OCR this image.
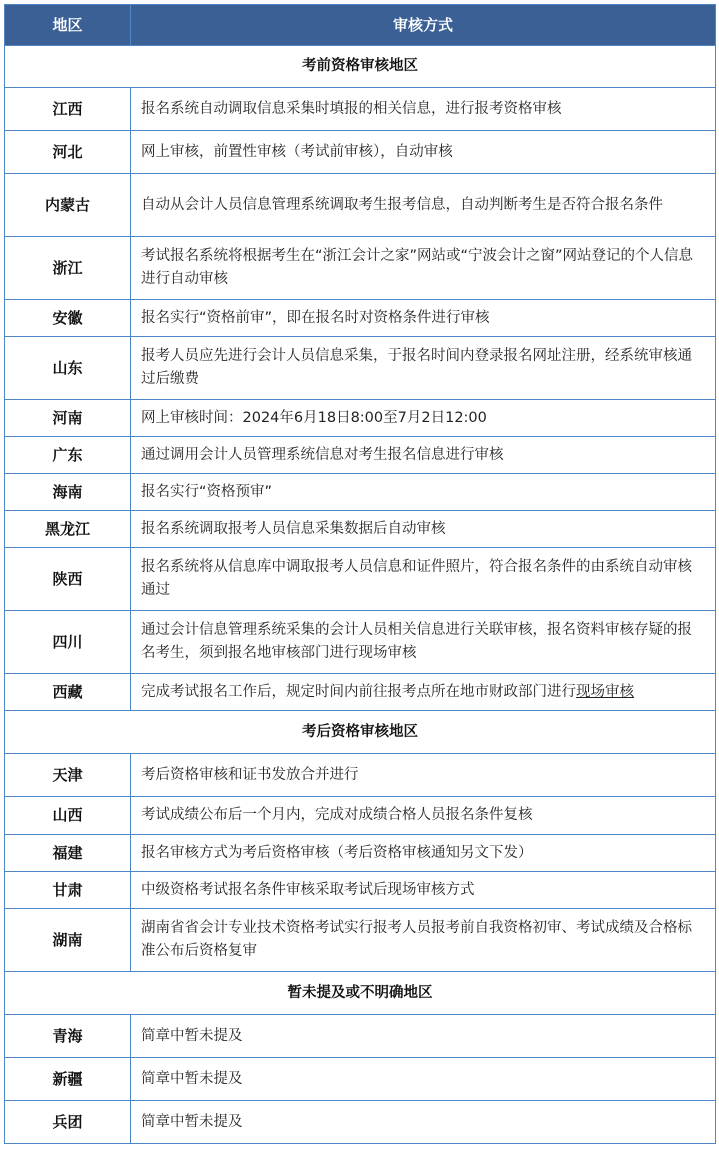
地区	审核方式
考前资格审核地区	
江西	报名系统自动调取信息采集时填报的相关信息，进行报考资格审核
河北	网上审核，前置性审核（考试前审核），自动审核
内蒙古	自动从会计人员信息管理系统调取考生报考信息，自动判断考生是否符合报名条件
浙江	考试报名系统将根据考生在“浙江会计之家”网站或“宁波会计之窗”网站登记的个人信息进行自动审核
安徽	报名实行“资格前审”，即在报名时对资格条件进行审核
山东	报考人员应先进行会计人员信息采集，于报名时间内登录报名网址注册，经系统审核通过后缴费
河南	网上审核时间：2024年6月18日8:00至7月2日12:00
广东	通过调用会计人员管理系统信息对考生报名信息进行审核
海南	报名实行“资格预审”
黑龙江	报名系统调取报考人员信息采集数据后自动审核
陕西	报名系统将从信息库中调取报考人员信息和证件照片，符合报名条件的由系统自动审核通过
四川	通过会计信息管理系统采集的会计人员相关信息进行关联审核，报名资料审核存疑的报名考生，须到报名地审核部门进行现场审核
西藏	完成考试报名工作后，规定时间内前往报考点所在地市财政部门进行现场审核
考后资格审核地区	
天津	考后资格审核和证书发放合并进行
山西	考试成绩公布后一个月内，完成对成绩合格人员报名条件复核
福建	报名审核方式为考后资格审核（考后资格审核通知另文下发）
甘肃	中级资格考试报名条件审核采取考试后现场审核方式
湖南	湖南省省会计专业技术资格考试实行报考人员报考前自我资格初审、考试成绩及合格标准公布后资格复审
暂未提及或不明确地区	
青海	简章中暂未提及
新疆	简章中暂未提及
兵团	简章中暂未提及
